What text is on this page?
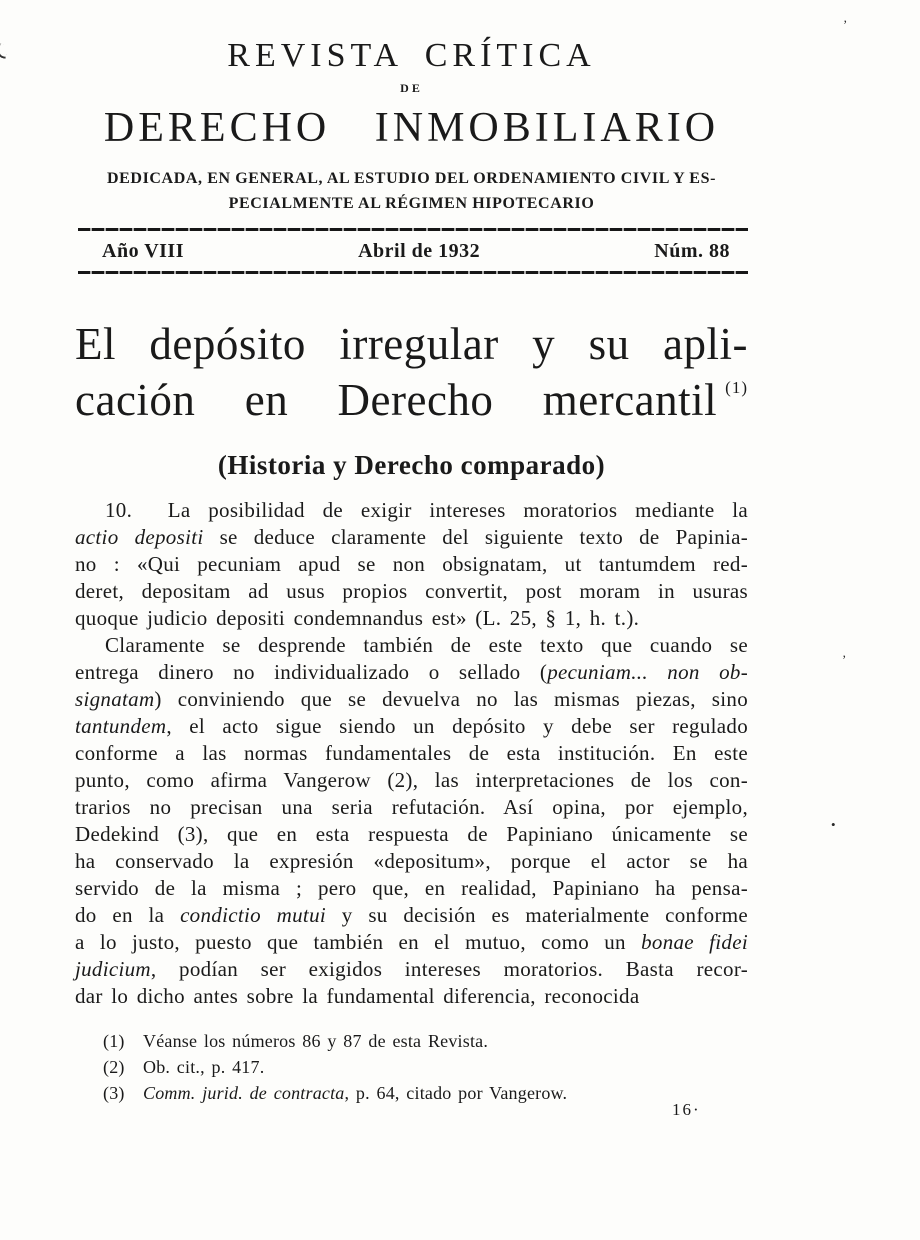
’
’
•
REVISTA CRÍTICA
DE
DERECHO INMOBILIARIO
DEDICADA, EN GENERAL, AL ESTUDIO DEL ORDENAMIENTO CIVIL Y ES-
PECIALMENTE AL RÉGIMEN HIPOTECARIO
Año VIII	Abril de 1932	Núm. 88
El depósito irregular y su apli-
cación en Derecho mercantil $^{(1)}$
(Historia y Derecho comparado)
10.  La posibilidad de exigir intereses moratorios mediante la
actio depositi se deduce claramente del siguiente texto de Papinia-
no : «Qui pecuniam apud se non obsignatam, ut tantumdem red-
deret, depositam ad usus propios convertit, post moram in usuras
quoque judicio depositi condemnandus est» (L. 25, § 1, h. t.).
Claramente se desprende también de este texto que cuando se
entrega dinero no individualizado o sellado (pecuniam... non ob-
signatam) conviniendo que se devuelva no las mismas piezas, sino
tantundem, el acto sigue siendo un depósito y debe ser regulado
conforme a las normas fundamentales de esta institución. En este
punto, como afirma Vangerow (2), las interpretaciones de los con-
trarios no precisan una seria refutación. Así opina, por ejemplo,
Dedekind (3), que en esta respuesta de Papiniano únicamente se
ha conservado la expresión «depositum», porque el actor se ha
servido de la misma ; pero que, en realidad, Papiniano ha pensa-
do en la condictio mutui y su decisión es materialmente conforme
a lo justo, puesto que también en el mutuo, como un bonae fidei
judicium, podían ser exigidos intereses moratorios. Basta recor-
dar lo dicho antes sobre la fundamental diferencia, reconocida
(1) Véanse los números 86 y 87 de esta Revista.
(2) Ob. cit., p. 417.
(3) Comm. jurid. de contracta, p. 64, citado por Vangerow.
16·
